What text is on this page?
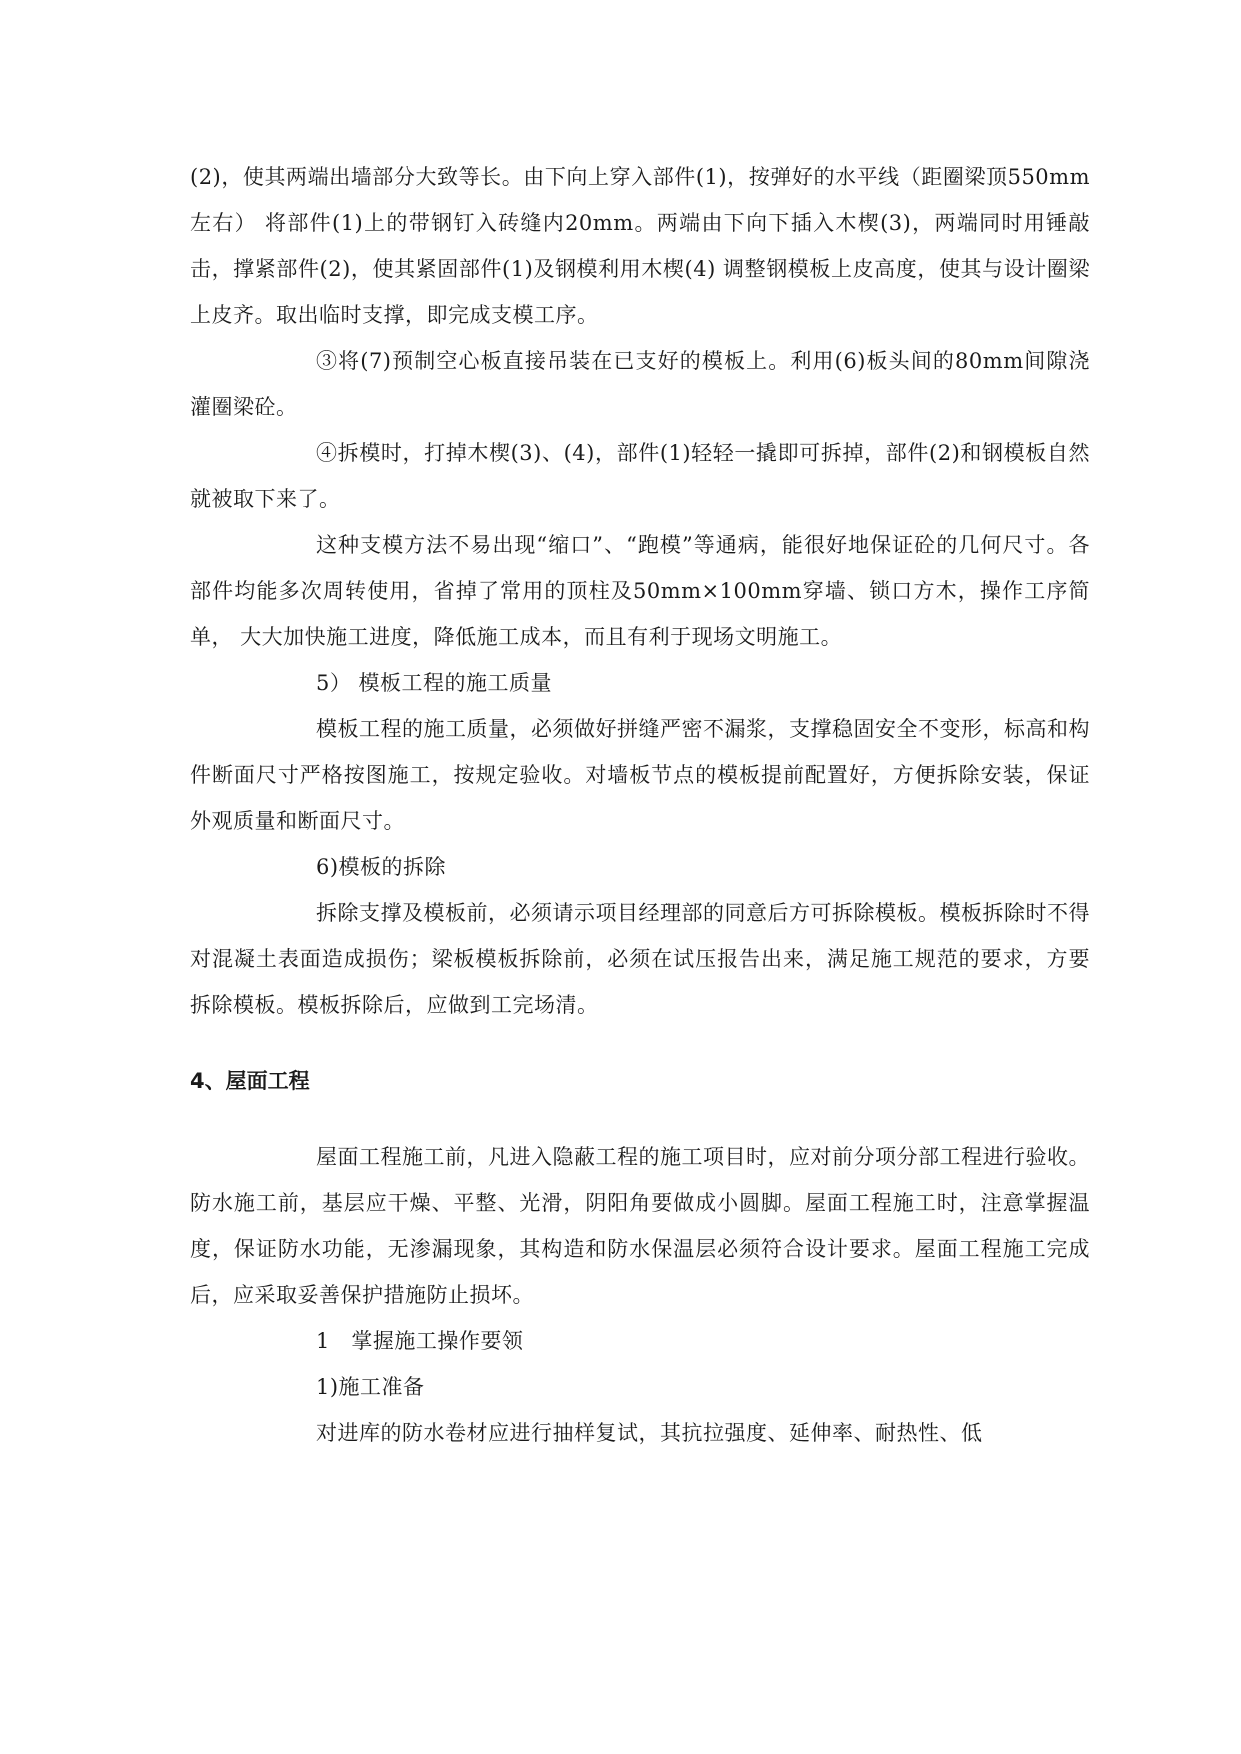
(2)，使其两端出墙部分大致等长。由下向上穿入部件(1)，按弹好的水平线（距圈梁顶550mm左右） 将部件(1)上的带钢钉入砖缝内20mm。两端由下向下插入木楔(3)，两端同时用锤敲击，撑紧部件(2)，使其紧固部件(1)及钢模利用木楔(4) 调整钢模板上皮高度，使其与设计圈梁上皮齐。取出临时支撑，即完成支模工序。

③将(7)预制空心板直接吊装在已支好的模板上。利用(6)板头间的80mm间隙浇灌圈梁砼。

④拆模时，打掉木楔(3)、(4)，部件(1)轻轻一撬即可拆掉，部件(2)和钢模板自然就被取下来了。

这种支模方法不易出现“缩口”、“跑模”等通病，能很好地保证砼的几何尺寸。各部件均能多次周转使用，省掉了常用的顶柱及50mm×100mm穿墙、锁口方木，操作工序简单， 大大加快施工进度，降低施工成本，而且有利于现场文明施工。

5） 模板工程的施工质量

模板工程的施工质量，必须做好拼缝严密不漏浆，支撑稳固安全不变形，标高和构件断面尺寸严格按图施工，按规定验收。对墙板节点的模板提前配置好，方便拆除安装，保证外观质量和断面尺寸。

6)模板的拆除

拆除支撑及模板前，必须请示项目经理部的同意后方可拆除模板。模板拆除时不得对混凝土表面造成损伤；梁板模板拆除前，必须在试压报告出来，满足施工规范的要求，方要拆除模板。模板拆除后，应做到工完场清。

4、屋面工程

屋面工程施工前，凡进入隐蔽工程的施工项目时，应对前分项分部工程进行验收。防水施工前，基层应干燥、平整、光滑，阴阳角要做成小圆脚。屋面工程施工时，注意掌握温度，保证防水功能，无渗漏现象，其构造和防水保温层必须符合设计要求。屋面工程施工完成后，应采取妥善保护措施防止损坏。

1　掌握施工操作要领

1)施工准备

对进库的防水卷材应进行抽样复试，其抗拉强度、延伸率、耐热性、低
